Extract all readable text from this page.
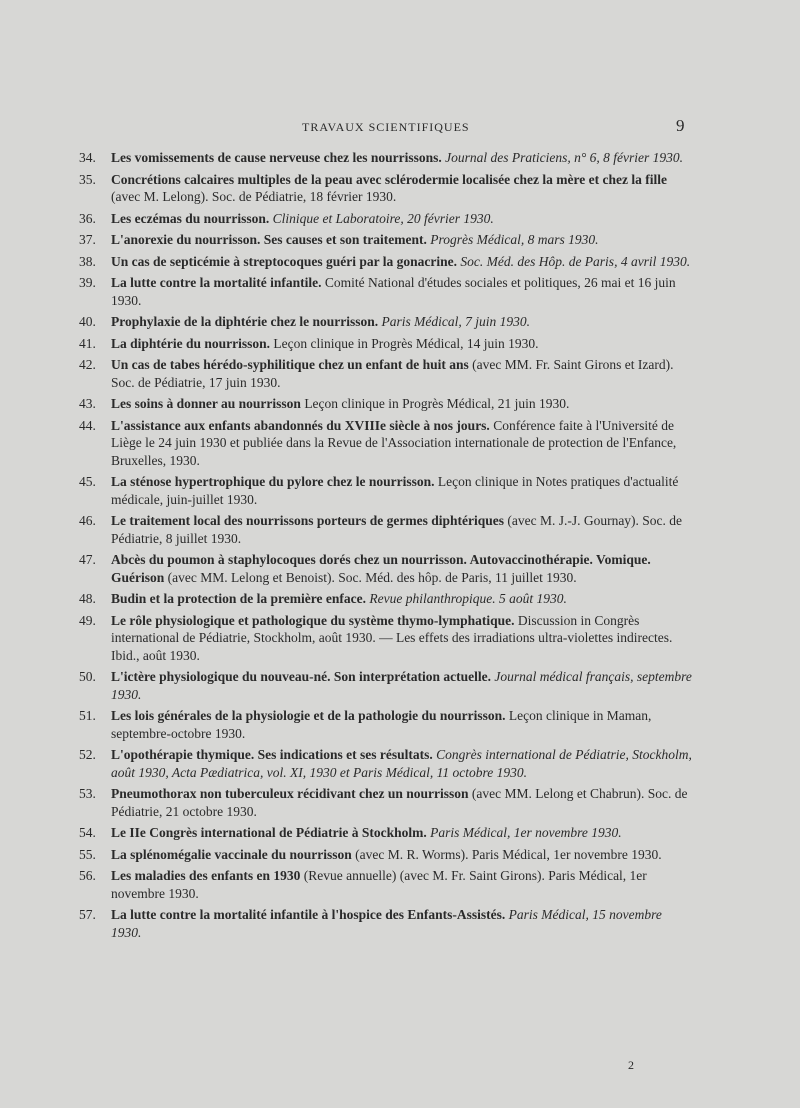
TRAVAUX SCIENTIFIQUES	9
34. Les vomissements de cause nerveuse chez les nourrissons. Journal des Praticiens, n° 6, 8 février 1930.
35. Concrétions calcaires multiples de la peau avec sclérodermie localisée chez la mère et chez la fille (avec M. Lelong). Soc. de Pédiatrie, 18 février 1930.
36. Les eczémas du nourrisson. Clinique et Laboratoire, 20 février 1930.
37. L'anorexie du nourrisson. Ses causes et son traitement. Progrès Médical, 8 mars 1930.
38. Un cas de septicémie à streptocoques guéri par la gonacrine. Soc. Méd. des Hôp. de Paris, 4 avril 1930.
39. La lutte contre la mortalité infantile. Comité National d'études sociales et politiques, 26 mai et 16 juin 1930.
40. Prophylaxie de la diphtérie chez le nourrisson. Paris Médical, 7 juin 1930.
41. La diphtérie du nourrisson. Leçon clinique in Progrès Médical, 14 juin 1930.
42. Un cas de tabes hérédo-syphilitique chez un enfant de huit ans (avec MM. Fr. Saint Girons et Izard). Soc. de Pédiatrie, 17 juin 1930.
43. Les soins à donner au nourrisson Leçon clinique in Progrès Médical, 21 juin 1930.
44. L'assistance aux enfants abandonnés du XVIIIe siècle à nos jours. Conférence faite à l'Université de Liège le 24 juin 1930 et publiée dans la Revue de l'Association internationale de protection de l'Enfance, Bruxelles, 1930.
45. La sténose hypertrophique du pylore chez le nourrisson. Leçon clinique in Notes pratiques d'actualité médicale, juin-juillet 1930.
46. Le traitement local des nourrissons porteurs de germes diphtériques (avec M. J.-J. Gournay). Soc. de Pédiatrie, 8 juillet 1930.
47. Abcès du poumon à staphylocoques dorés chez un nourrisson. Autovaccinothérapie. Vomique. Guérison (avec MM. Lelong et Benoist). Soc. Méd. des hôp. de Paris, 11 juillet 1930.
48. Budin et la protection de la première enface. Revue philanthropique. 5 août 1930.
49. Le rôle physiologique et pathologique du système thymo-lymphatique. Discussion in Congrès international de Pédiatrie, Stockholm, août 1930. — Les effets des irradiations ultra-violettes indirectes. Ibid., août 1930.
50. L'ictère physiologique du nouveau-né. Son interprétation actuelle. Journal médical français, septembre 1930.
51. Les lois générales de la physiologie et de la pathologie du nourrisson. Leçon clinique in Maman, septembre-octobre 1930.
52. L'opothérapie thymique. Ses indications et ses résultats. Congrès international de Pédiatrie, Stockholm, août 1930, Acta Pædiatrica, vol. XI, 1930 et Paris Médical, 11 octobre 1930.
53. Pneumothorax non tuberculeux récidivant chez un nourrisson (avec MM. Lelong et Chabrun). Soc. de Pédiatrie, 21 octobre 1930.
54. Le IIe Congrès international de Pédiatrie à Stockholm. Paris Médical, 1er novembre 1930.
55. La splénomégalie vaccinale du nourrisson (avec M. R. Worms). Paris Médical, 1er novembre 1930.
56. Les maladies des enfants en 1930 (Revue annuelle) (avec M. Fr. Saint Girons). Paris Médical, 1er novembre 1930.
57. La lutte contre la mortalité infantile à l'hospice des Enfants-Assistés. Paris Médical, 15 novembre 1930.
2
